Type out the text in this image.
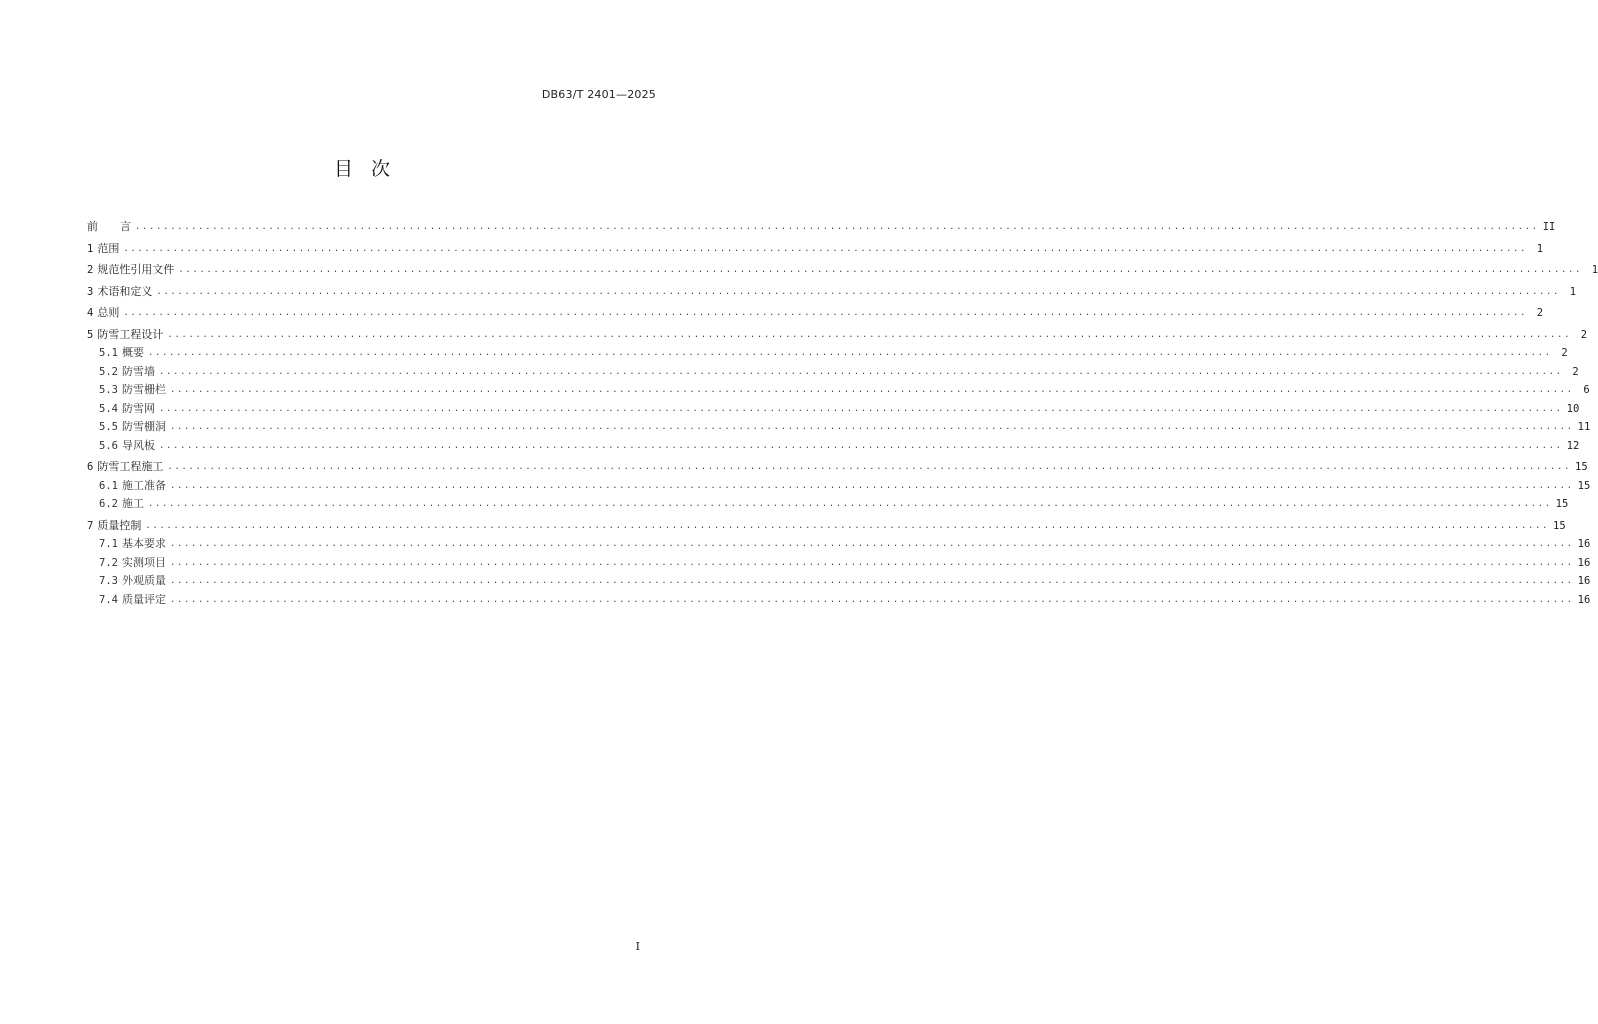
DB63/T 2401—2025
目次
前　　言 ........................................................................................................................................................................................................ II
1 范围 ........................................................................................................................................................................................................ 1
2 规范性引用文件 ........................................................................................................................................................................................................ 1
3 术语和定义 ........................................................................................................................................................................................................ 1
4 总则 ........................................................................................................................................................................................................ 2
5 防雪工程设计 ........................................................................................................................................................................................................ 2
5.1 概要 ........................................................................................................................................................................................................ 2
5.2 防雪墙 ........................................................................................................................................................................................................ 2
5.3 防雪栅栏 ........................................................................................................................................................................................................ 6
5.4 防雪网 ........................................................................................................................................................................................................ 10
5.5 防雪棚洞 ........................................................................................................................................................................................................ 11
5.6 导风板 ........................................................................................................................................................................................................ 12
6 防雪工程施工 ........................................................................................................................................................................................................ 15
6.1 施工准备 ........................................................................................................................................................................................................ 15
6.2 施工 ........................................................................................................................................................................................................ 15
7 质量控制 ........................................................................................................................................................................................................ 15
7.1 基本要求 ........................................................................................................................................................................................................ 16
7.2 实测项目 ........................................................................................................................................................................................................ 16
7.3 外观质量 ........................................................................................................................................................................................................ 16
7.4 质量评定 ........................................................................................................................................................................................................ 16
I
